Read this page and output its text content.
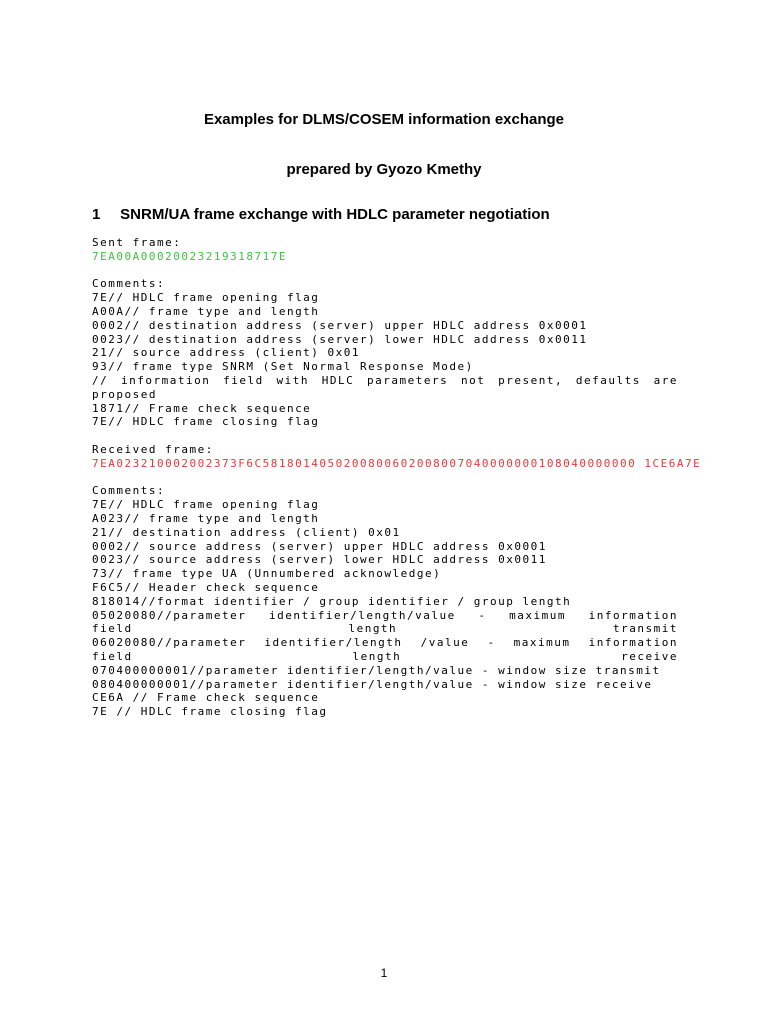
Examples for DLMS/COSEM information exchange
prepared by Gyozo Kmethy
1 SNRM/UA frame exchange with HDLC parameter negotiation
Sent frame:
7EA00A00020023219318717E
Comments:
7E// HDLC frame opening flag
A00A// frame type and length
0002// destination address (server) upper HDLC address 0x0001
0023// destination address (server) lower HDLC address 0x0011
21// source address (client) 0x01
93// frame type SNRM (Set Normal Response Mode)
// information field with HDLC parameters not present, defaults are proposed
1871// Frame check sequence
7E// HDLC frame closing flag
Received frame:
7EA023210002002373F6C5818014050200800602008007040000000108040000000 1CE6A7E
Comments:
7E// HDLC frame opening flag
A023// frame type and length
21// destination address (client) 0x01
0002// source address (server) upper HDLC address 0x0001
0023// source address (server) lower HDLC address 0x0011
73// frame type UA (Unnumbered acknowledge)
F6C5// Header check sequence
818014//format identifier / group identifier / group length
05020080//parameter identifier/length/value - maximum information field length transmit
06020080//parameter identifier/length /value - maximum information field length receive
070400000001//parameter identifier/length/value - window size transmit
080400000001//parameter identifier/length/value - window size receive
CE6A // Frame check sequence
7E // HDLC frame closing flag
1
